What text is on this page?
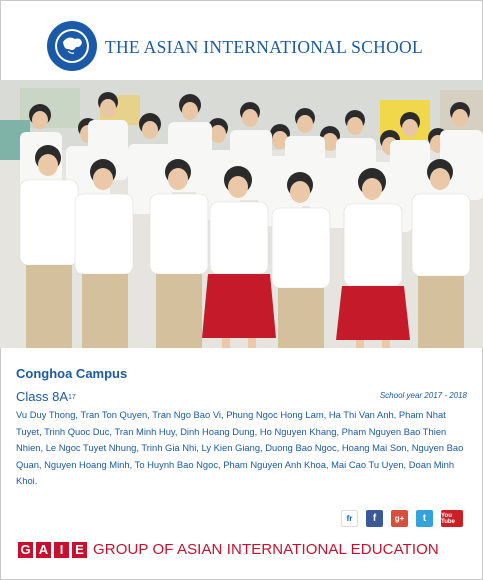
THE ASIAN INTERNATIONAL SCHOOL
Conghoa Campus
Class $8A^{17}$	School year 2017 - 2018
Vu Duy Thong, Tran Ton Quyen, Tran Ngo Bao Vi, Phung Ngoc Hong Lam, Ha Thi Van Anh, Pham Nhat Tuyet, Trinh Quoc Duc, Tran Minh Huy, Dinh Hoang Dung, Ho Nguyen Khang, Pham Nguyen Bao Thien Nhien, Le Ngoc Tuyet Nhung, Trinh Gia Nhi, Ly Kien Giang, Duong Bao Ngoc, Hoang Mai Son, Nguyen Bao Quan, Nguyen Hoang Minh, To Huynh Bao Ngoc, Pham Nguyen Anh Khoa, Mai Cao Tu Uyen, Doan Minh Khoi.
fr	f	g+	t	You Tube
G A I E GROUP OF ASIAN INTERNATIONAL EDUCATION
